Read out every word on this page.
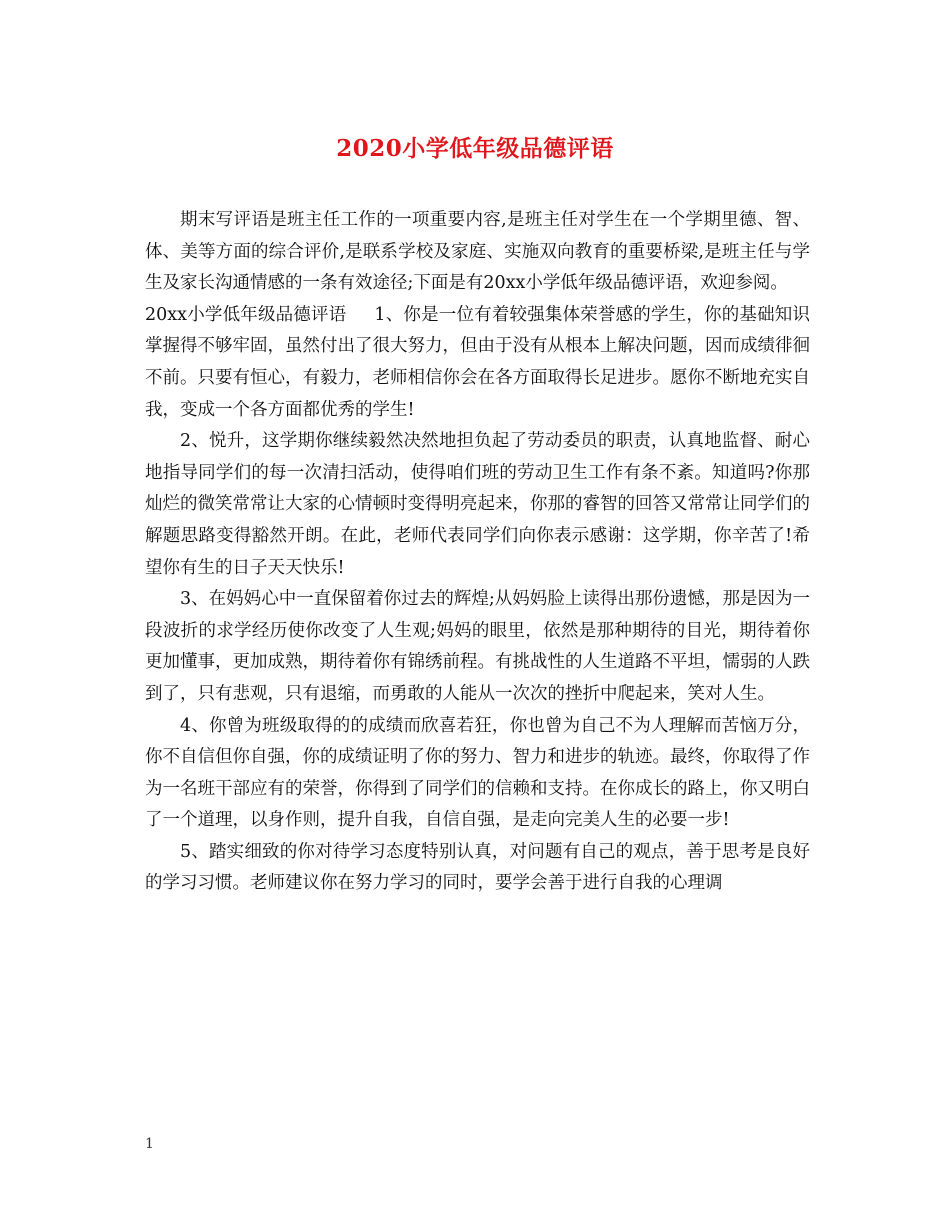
2020小学低年级品德评语

期末写评语是班主任工作的一项重要内容,是班主任对学生在一个学期里德、智、体、美等方面的综合评价,是联系学校及家庭、实施双向教育的重要桥梁,是班主任与学生及家长沟通情感的一条有效途径;下面是有20xx小学低年级品德评语，欢迎参阅。

20xx小学低年级品德评语 1、你是一位有着较强集体荣誉感的学生，你的基础知识掌握得不够牢固，虽然付出了很大努力，但由于没有从根本上解决问题，因而成绩徘徊不前。只要有恒心，有毅力，老师相信你会在各方面取得长足进步。愿你不断地充实自我，变成一个各方面都优秀的学生!

2、悦升，这学期你继续毅然决然地担负起了劳动委员的职责，认真地监督、耐心地指导同学们的每一次清扫活动，使得咱们班的劳动卫生工作有条不紊。知道吗?你那灿烂的微笑常常让大家的心情顿时变得明亮起来，你那的睿智的回答又常常让同学们的解题思路变得豁然开朗。在此，老师代表同学们向你表示感谢：这学期，你辛苦了!希望你有生的日子天天快乐!

3、在妈妈心中一直保留着你过去的辉煌;从妈妈脸上读得出那份遗憾，那是因为一段波折的求学经历使你改变了人生观;妈妈的眼里，依然是那种期待的目光，期待着你更加懂事，更加成熟，期待着你有锦绣前程。有挑战性的人生道路不平坦，懦弱的人跌到了，只有悲观，只有退缩，而勇敢的人能从一次次的挫折中爬起来，笑对人生。

4、你曾为班级取得的的成绩而欣喜若狂，你也曾为自己不为人理解而苦恼万分，你不自信但你自强，你的成绩证明了你的努力、智力和进步的轨迹。最终，你取得了作为一名班干部应有的荣誉，你得到了同学们的信赖和支持。在你成长的路上，你又明白了一个道理，以身作则，提升自我，自信自强，是走向完美人生的必要一步!

5、踏实细致的你对待学习态度特别认真，对问题有自己的观点，善于思考是良好的学习习惯。老师建议你在努力学习的同时，要学会善于进行自我的心理调

1
